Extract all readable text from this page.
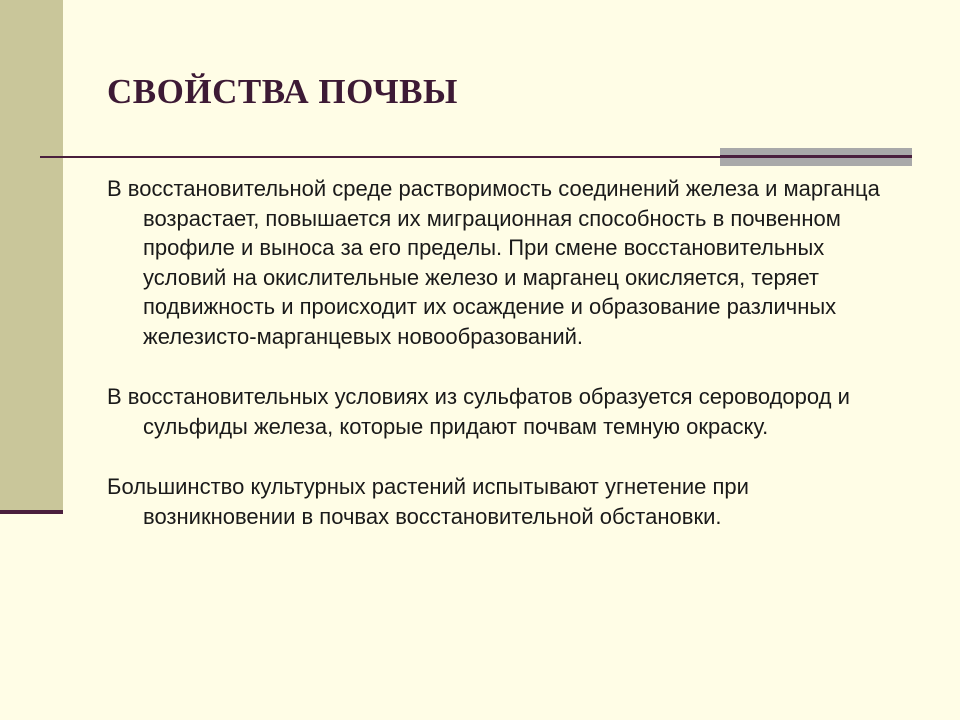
СВОЙСТВА ПОЧВЫ
В восстановительной среде растворимость соединений железа и марганца возрастает, повышается их миграционная способность в почвенном профиле и выноса за его пределы. При смене восстановительных условий на окислительные железо и марганец окисляется, теряет подвижность и происходит их осаждение и образование различных железисто-марганцевых новообразований.
В восстановительных условиях из сульфатов образуется сероводород и сульфиды железа, которые придают почвам темную окраску.
Большинство культурных растений испытывают угнетение при возникновении в почвах восстановительной обстановки.
